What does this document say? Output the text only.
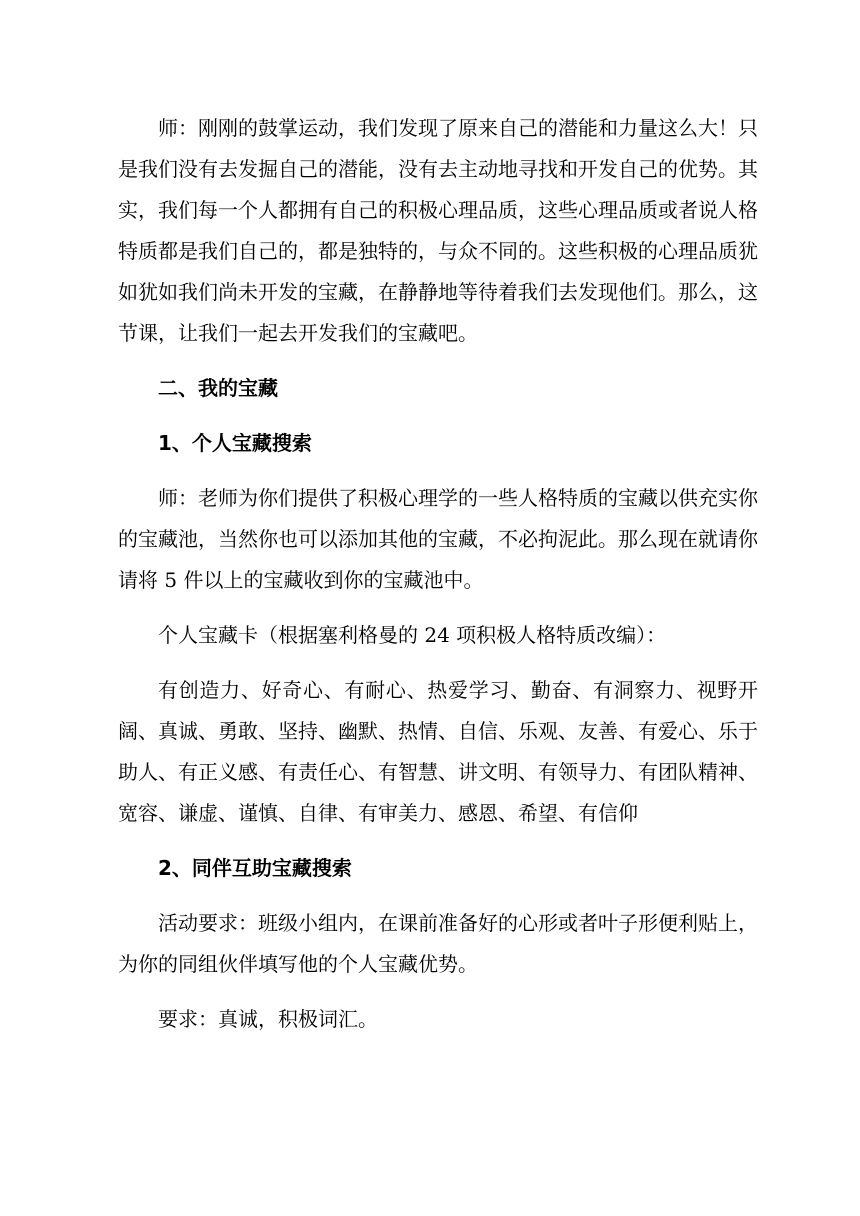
师：刚刚的鼓掌运动，我们发现了原来自己的潜能和力量这么大！只是我们没有去发掘自己的潜能，没有去主动地寻找和开发自己的优势。其实，我们每一个人都拥有自己的积极心理品质，这些心理品质或者说人格特质都是我们自己的，都是独特的，与众不同的。这些积极的心理品质犹如犹如我们尚未开发的宝藏，在静静地等待着我们去发现他们。那么，这节课，让我们一起去开发我们的宝藏吧。

二、我的宝藏

1、个人宝藏搜索

师：老师为你们提供了积极心理学的一些人格特质的宝藏以供充实你的宝藏池，当然你也可以添加其他的宝藏，不必拘泥此。那么现在就请你请将 5 件以上的宝藏收到你的宝藏池中。

个人宝藏卡（根据塞利格曼的 24 项积极人格特质改编）：

有创造力、好奇心、有耐心、热爱学习、勤奋、有洞察力、视野开阔、真诚、勇敢、坚持、幽默、热情、自信、乐观、友善、有爱心、乐于助人、有正义感、有责任心、有智慧、讲文明、有领导力、有团队精神、宽容、谦虚、谨慎、自律、有审美力、感恩、希望、有信仰

2、同伴互助宝藏搜索

活动要求：班级小组内，在课前准备好的心形或者叶子形便利贴上，为你的同组伙伴填写他的个人宝藏优势。

要求：真诚，积极词汇。
